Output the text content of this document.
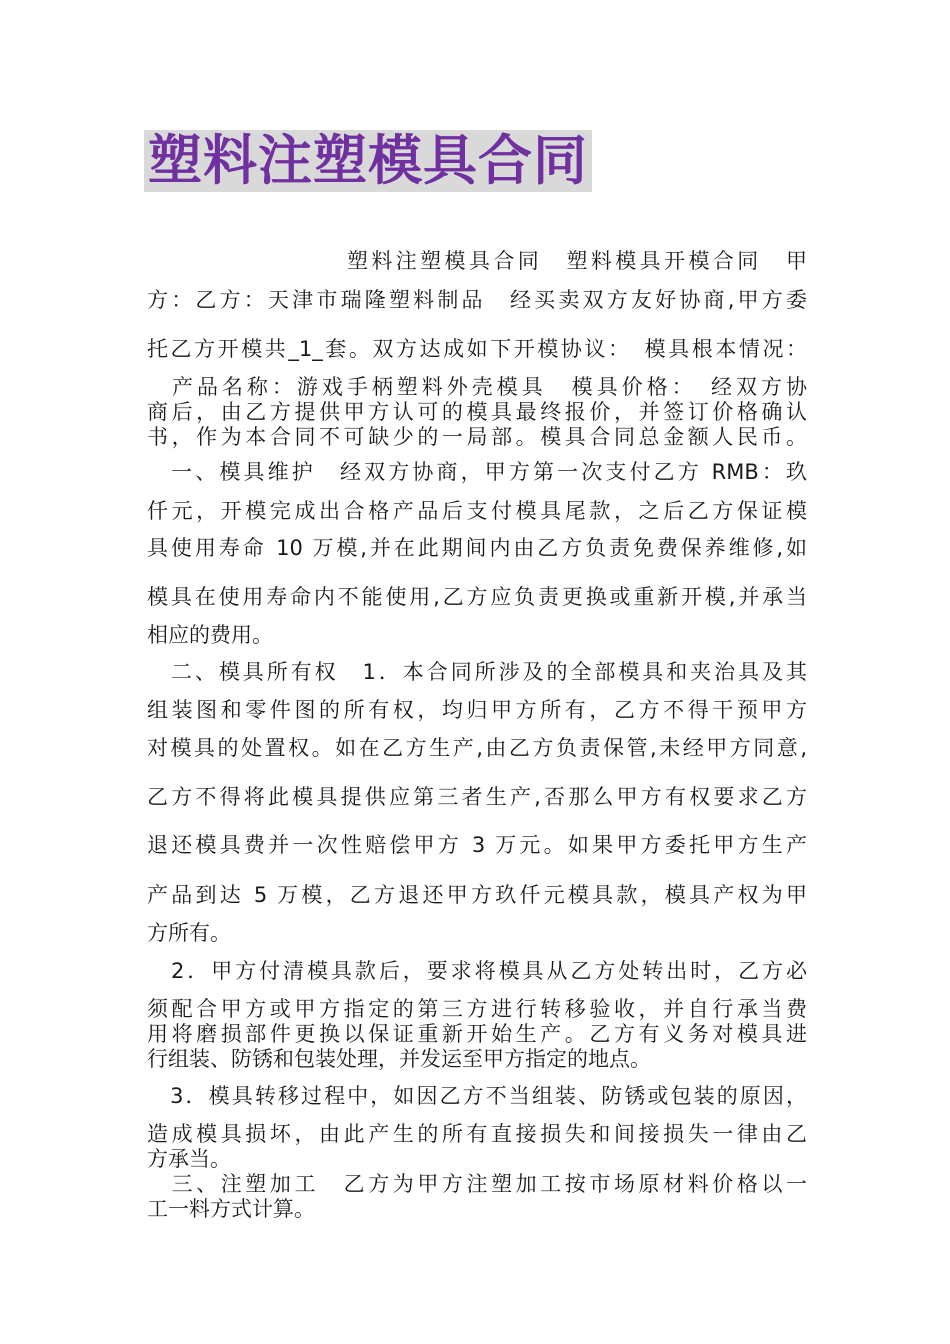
塑料注塑模具合同
塑料注塑模具合同　塑料模具开模合同　甲
方：乙方：天津市瑞隆塑料制品　经买卖双方友好协商,甲方委
托乙方开模共_1_套。双方达成如下开模协议：　模具根本情况：
　产品名称：游戏手柄塑料外壳模具　模具价格：　经双方协
商后，由乙方提供甲方认可的模具最终报价，并签订价格确认
书，作为本合同不可缺少的一局部。模具合同总金额人民币。
　一、模具维护　经双方协商，甲方第一次支付乙方 RMB：玖
仟元，开模完成出合格产品后支付模具尾款，之后乙方保证模
具使用寿命 10 万模,并在此期间内由乙方负责免费保养维修,如
模具在使用寿命内不能使用,乙方应负责更换或重新开模,并承当
相应的费用。
　二、模具所有权　1．本合同所涉及的全部模具和夹治具及其
组装图和零件图的所有权，均归甲方所有，乙方不得干预甲方
对模具的处置权。如在乙方生产,由乙方负责保管,未经甲方同意,
乙方不得将此模具提供应第三者生产,否那么甲方有权要求乙方
退还模具费并一次性赔偿甲方 3 万元。如果甲方委托甲方生产
产品到达 5 万模，乙方退还甲方玖仟元模具款，模具产权为甲
方所有。
　2．甲方付清模具款后，要求将模具从乙方处转出时，乙方必
须配合甲方或甲方指定的第三方进行转移验收，并自行承当费
用将磨损部件更换以保证重新开始生产。乙方有义务对模具进
行组装、防锈和包装处理，并发运至甲方指定的地点。
　3．模具转移过程中，如因乙方不当组装、防锈或包装的原因，
造成模具损坏，由此产生的所有直接损失和间接损失一律由乙
方承当。
　三、注塑加工　乙方为甲方注塑加工按市场原材料价格以一
工一料方式计算。
